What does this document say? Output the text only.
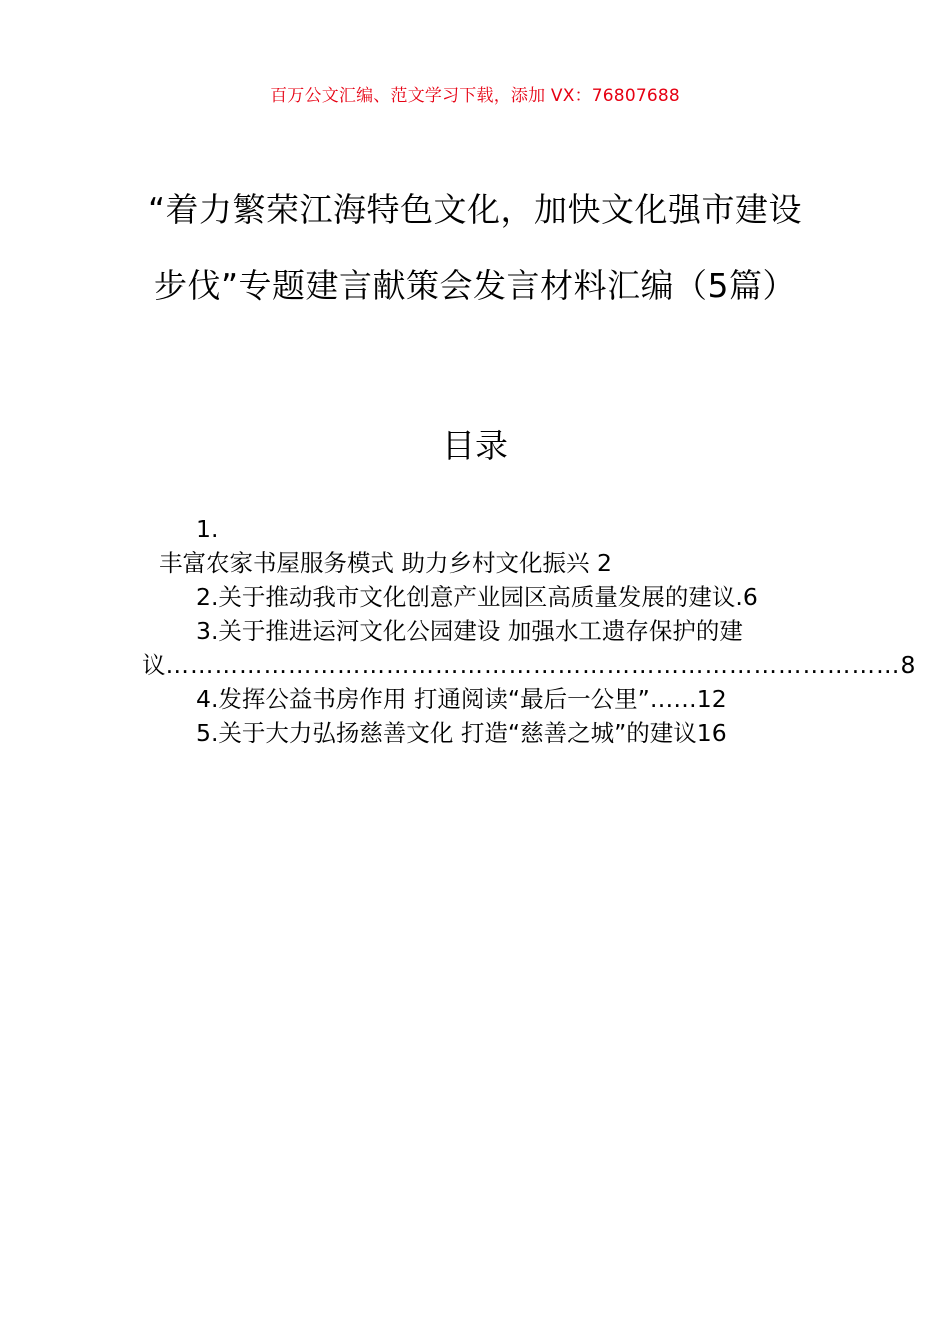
百万公文汇编、范文学习下载，添加 VX：76807688
“着力繁荣江海特色文化，加快文化强市建设步伐”专题建言献策会发言材料汇编（5篇）
目录
1.
丰富农家书屋服务模式 助力乡村文化振兴 2
2.关于推动我市文化创意产业园区高质量发展的建议.6
3.关于推进运河文化公园建设 加强水工遗存保护的建
议 ……………………………………………………………………………… 8
4.发挥公益书房作用 打通阅读“最后一公里”……12
5.关于大力弘扬慈善文化 打造“慈善之城”的建议16
